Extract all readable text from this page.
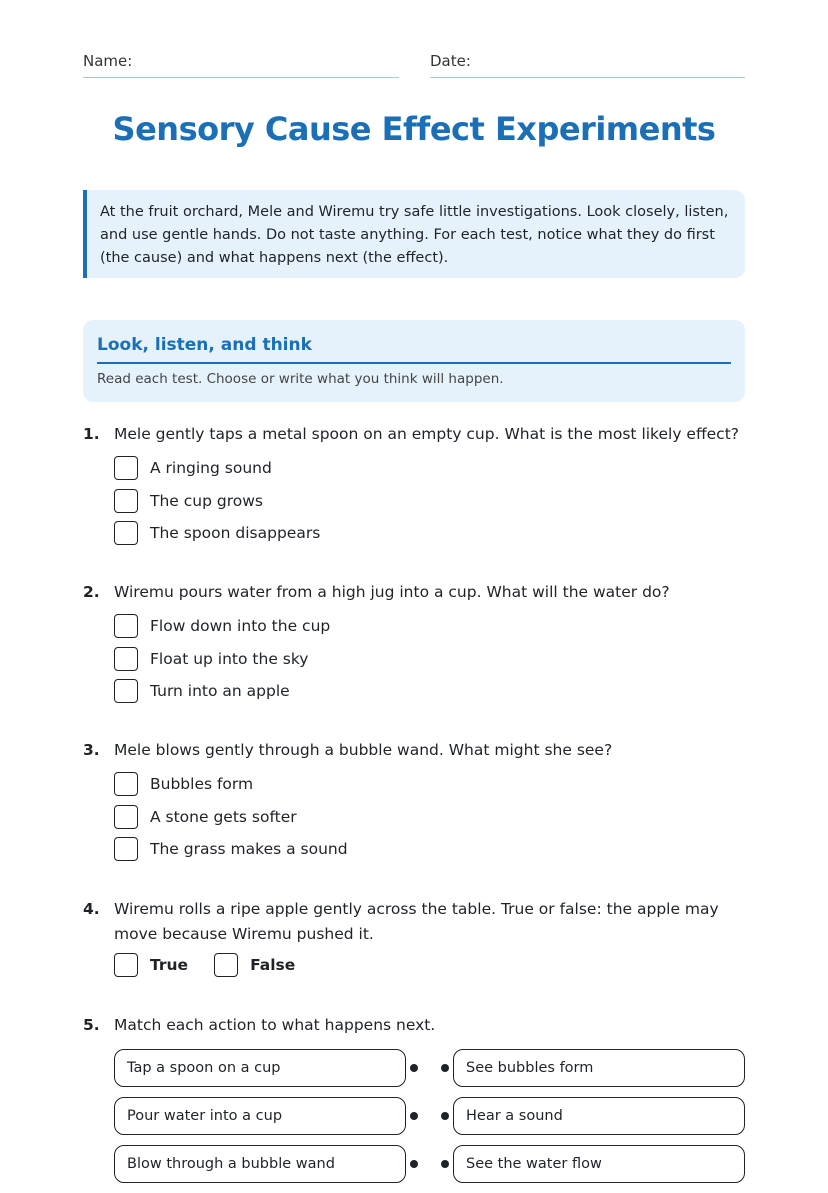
Name:	Date:
Sensory Cause Effect Experiments
At the fruit orchard, Mele and Wiremu try safe little investigations. Look closely, listen, and use gentle hands. Do not taste anything. For each test, notice what they do first (the cause) and what happens next (the effect).
Look, listen, and think

Read each test. Choose or write what you think will happen.

1. Mele gently taps a metal spoon on an empty cup. What is the most likely effect?
A ringing sound
The cup grows
The spoon disappears
2. Wiremu pours water from a high jug into a cup. What will the water do?
Flow down into the cup
Float up into the sky
Turn into an apple
3. Mele blows gently through a bubble wand. What might she see?
Bubbles form
A stone gets softer
The grass makes a sound
4. Wiremu rolls a ripe apple gently across the table. True or false: the apple may move because Wiremu pushed it.
True	False
5. Match each action to what happens next.
Tap a spoon on a cup	See bubbles form
Pour water into a cup	Hear a sound
Blow through a bubble wand	See the water flow
